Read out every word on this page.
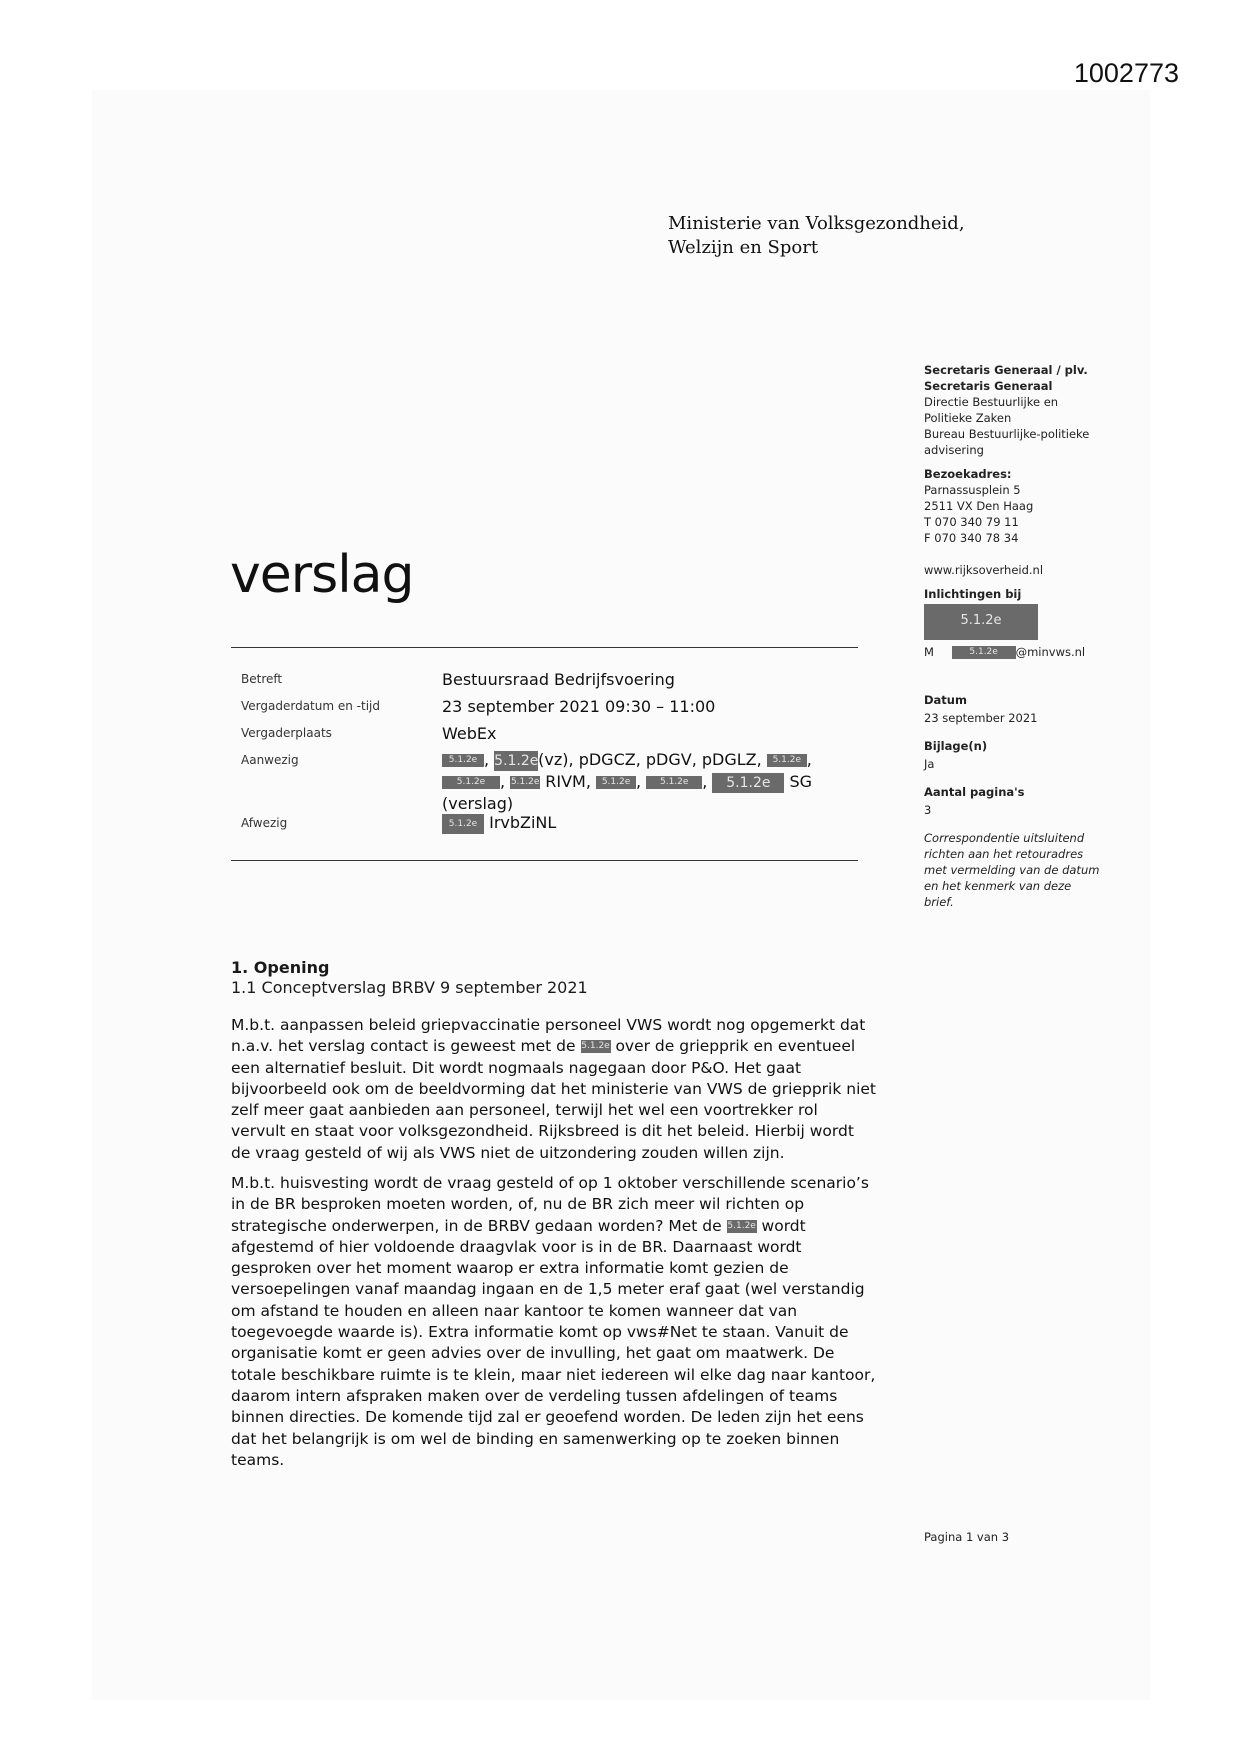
1002773
Ministerie van Volksgezondheid,
Welzijn en Sport
Secretaris Generaal / plv.
Secretaris Generaal
Directie Bestuurlijke en
Politieke Zaken
Bureau Bestuurlijke-politieke
advisering
Bezoekadres:
Parnassusplein 5
2511 VX Den Haag
T 070 340 79 11
F 070 340 78 34
www.rijksoverheid.nl
Inlichtingen bij
5.1.2e
M	5.1.2e @minvws.nl
Datum
23 september 2021
Bijlage(n)
Ja
Aantal pagina's
3
Correspondentie uitsluitend
richten aan het retouradres
met vermelding van de datum
en het kenmerk van deze
brief.
verslag
Betreft	Bestuursraad Bedrijfsvoering
Vergaderdatum en -tijd	23 september 2021 09:30 – 11:00
Vergaderplaats	WebEx
Aanwezig	5.1.2e , 5.1.2e(vz), pDGCZ, pDGV, pDGLZ, 5.1.2e ,
5.1.2e , 5.1.2e RIVM, 5.1.2e , 5.1.2e , 5.1.2e SG
(verslag)
Afwezig	5.1.2e IrvbZiNL
1. Opening
1.1 Conceptverslag BRBV 9 september 2021
M.b.t. aanpassen beleid griepvaccinatie personeel VWS wordt nog opgemerkt dat
n.a.v. het verslag contact is geweest met de 5.1.2e over de griepprik en eventueel
een alternatief besluit. Dit wordt nogmaals nagegaan door P&O. Het gaat
bijvoorbeeld ook om de beeldvorming dat het ministerie van VWS de griepprik niet
zelf meer gaat aanbieden aan personeel, terwijl het wel een voortrekker rol
vervult en staat voor volksgezondheid. Rijksbreed is dit het beleid. Hierbij wordt
de vraag gesteld of wij als VWS niet de uitzondering zouden willen zijn.
M.b.t. huisvesting wordt de vraag gesteld of op 1 oktober verschillende scenario’s
in de BR besproken moeten worden, of, nu de BR zich meer wil richten op
strategische onderwerpen, in de BRBV gedaan worden? Met de 5.1.2e wordt
afgestemd of hier voldoende draagvlak voor is in de BR. Daarnaast wordt
gesproken over het moment waarop er extra informatie komt gezien de
versoepelingen vanaf maandag ingaan en de 1,5 meter eraf gaat (wel verstandig
om afstand te houden en alleen naar kantoor te komen wanneer dat van
toegevoegde waarde is). Extra informatie komt op vws#Net te staan. Vanuit de
organisatie komt er geen advies over de invulling, het gaat om maatwerk. De
totale beschikbare ruimte is te klein, maar niet iedereen wil elke dag naar kantoor,
daarom intern afspraken maken over de verdeling tussen afdelingen of teams
binnen directies. De komende tijd zal er geoefend worden. De leden zijn het eens
dat het belangrijk is om wel de binding en samenwerking op te zoeken binnen
teams.
Pagina 1 van 3
